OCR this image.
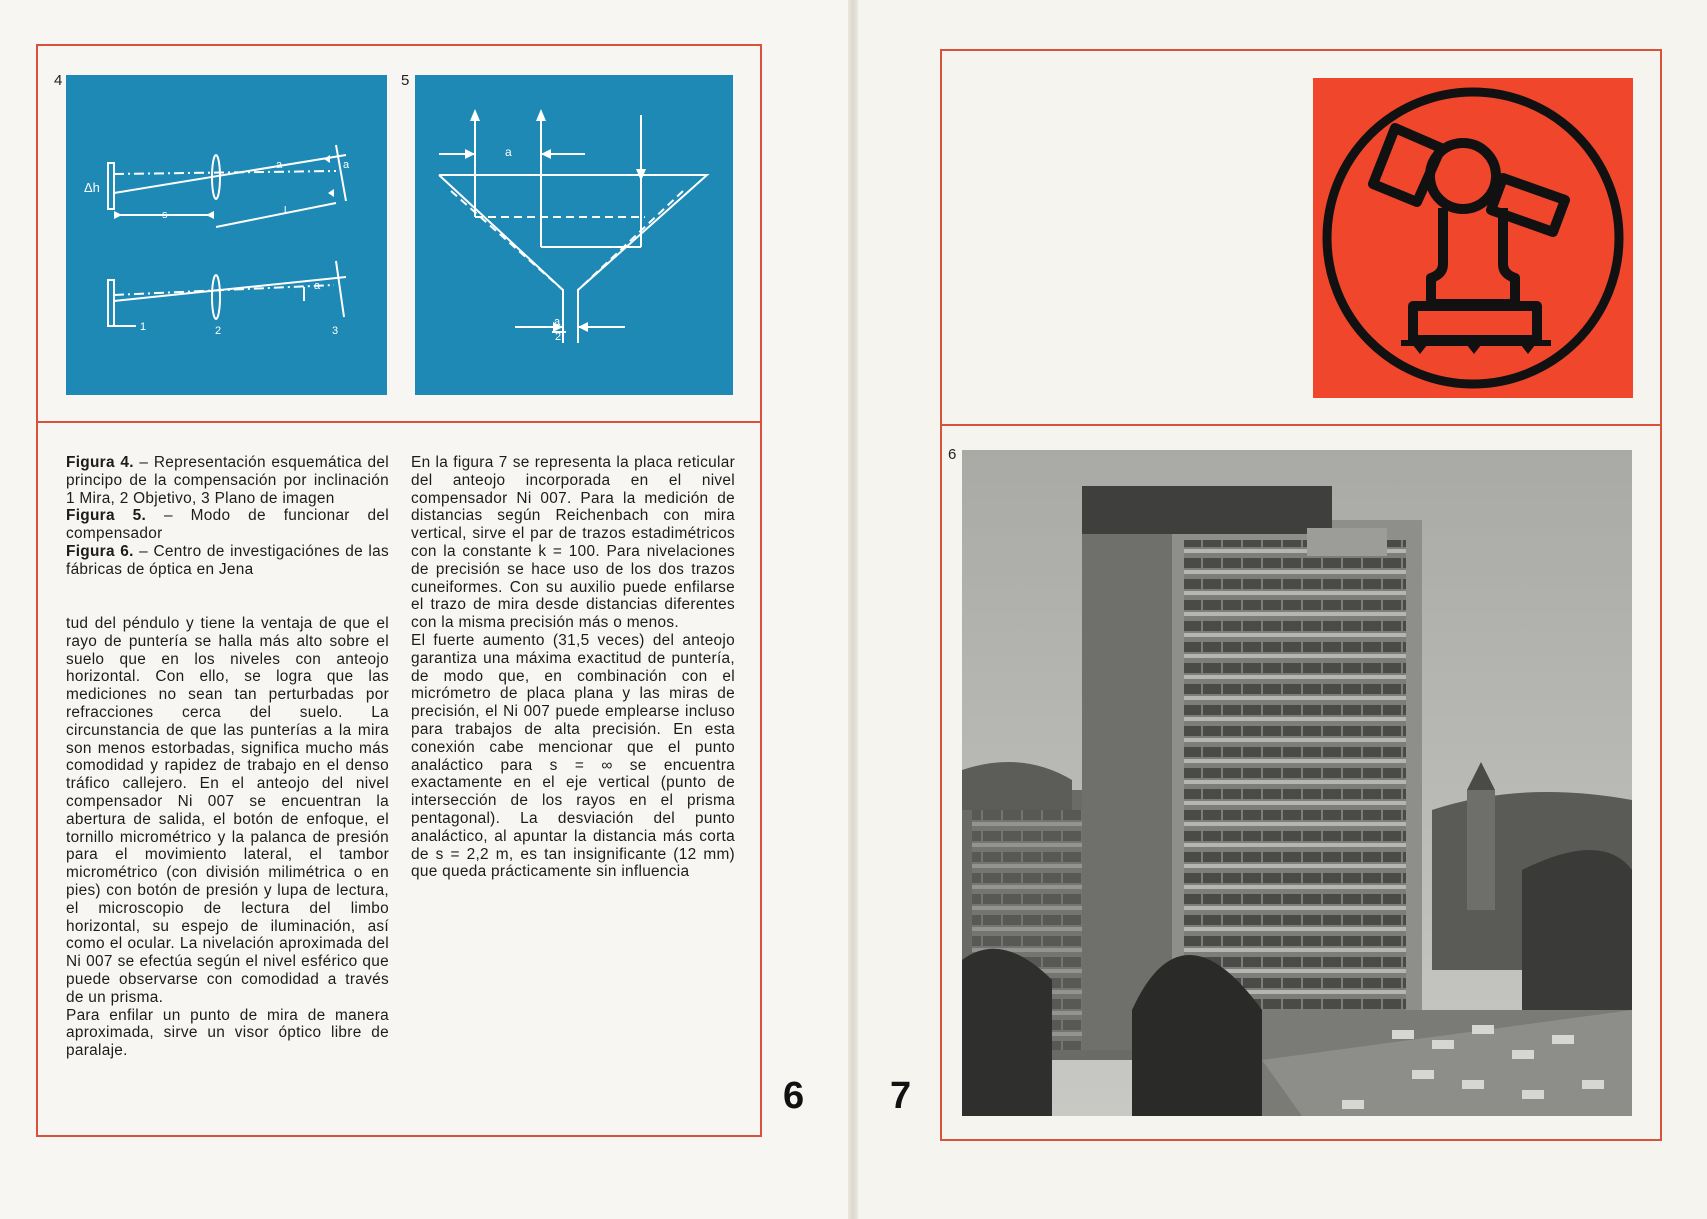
4
Δh
s	l
a	a
a
1	2	3
5
a
a
2

Figura 4. – Representación esquemática del principo de la compensación por inclinación 1 Mira, 2 Objetivo, 3 Plano de imagen

Figura 5. – Modo de funcionar del compensador

Figura 6. – Centro de investigaciónes de las fábricas de óptica en Jena

tud del péndulo y tiene la ventaja de que el rayo de puntería se halla más alto sobre el suelo que en los niveles con anteojo horizontal. Con ello, se logra que las mediciones no sean tan perturbadas por refracciones cerca del suelo. La circunstancia de que las punterías a la mira son menos estorbadas, significa mucho más comodidad y rapidez de trabajo en el denso tráfico callejero. En el anteojo del nivel compensador Ni 007 se encuentran la abertura de salida, el botón de enfoque, el tornillo micrométrico y la palanca de presión para el movimiento lateral, el tambor micrométrico (con división milimétrica o en pies) con botón de presión y lupa de lectura, el microscopio de lectura del limbo horizontal, su espejo de iluminación, así como el ocular. La nivelación aproximada del Ni 007 se efectúa según el nivel esférico que puede observarse con comodidad a través de un prisma.

Para enfilar un punto de mira de manera aproximada, sirve un visor óptico libre de paralaje.

En la figura 7 se representa la placa reticular del anteojo incorporada en el nivel compensador Ni 007. Para la medición de distancias según Reichenbach con mira vertical, sirve el par de trazos estadimétricos con la constante k = 100. Para nivelaciones de precisión se hace uso de los dos trazos cuneiformes. Con su auxilio puede enfilarse el trazo de mira desde distancias diferentes con la misma precisión más o menos.

El fuerte aumento (31,5 veces) del anteojo garantiza una máxima exactitud de puntería, de modo que, en combinación con el micrómetro de placa plana y las miras de precisión, el Ni 007 puede emplearse incluso para trabajos de alta precisión. En esta conexión cabe mencionar que el punto analáctico para s = ∞ se encuentra exactamente en el eje vertical (punto de intersección de los rayos en el prisma pentagonal). La desviación del punto analáctico, al apuntar la distancia más corta de s = 2,2 m, es tan insignificante (12 mm) que queda prácticamente sin influencia

6
6
7
